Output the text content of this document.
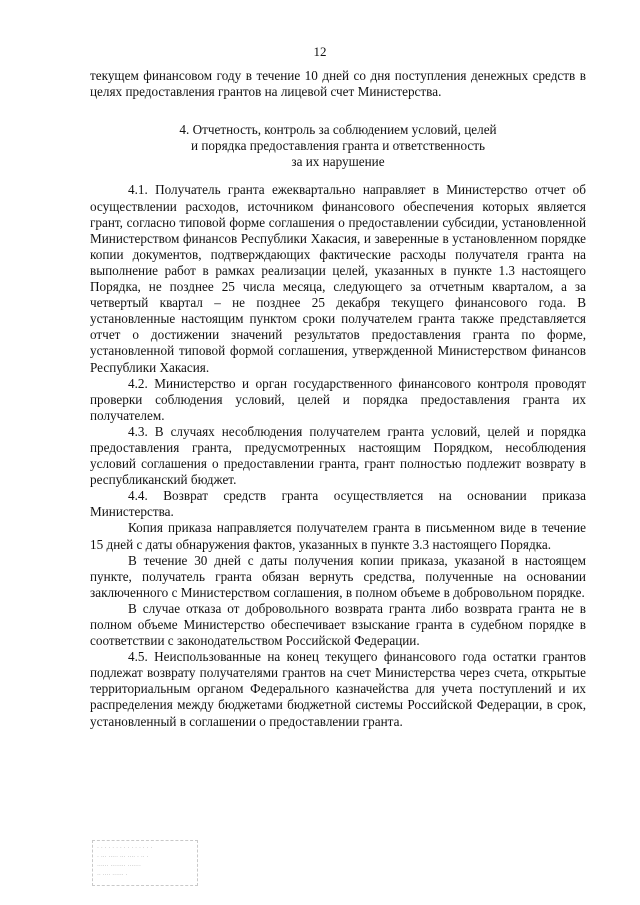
12

текущем финансовом году в течение 10 дней со дня поступления денежных средств в целях предоставления грантов на лицевой счет Министерства.

4. Отчетность, контроль за соблюдением условий, целей
и порядка предоставления гранта и ответственность
за их нарушение

4.1. Получатель гранта ежеквартально направляет в Министерство отчет об осуществлении расходов, источником финансового обеспечения которых является грант, согласно типовой форме соглашения о предоставлении субсидии, установленной Министерством финансов Республики Хакасия, и заверенные в установленном порядке копии документов, подтверждающих фактические расходы получателя гранта на выполнение работ в рамках реализации целей, указанных в пункте 1.3 настоящего Порядка, не позднее 25 числа месяца, следующего за отчетным кварталом, а за четвертый квартал – не позднее 25 декабря текущего финансового года. В установленные настоящим пунктом сроки получателем гранта также представляется отчет о достижении значений результатов предоставления гранта по форме, установленной типовой формой соглашения, утвержденной Министерством финансов Республики Хакасия.

4.2. Министерство и орган государственного финансового контроля проводят проверки соблюдения условий, целей и порядка предоставления гранта их получателем.

4.3. В случаях несоблюдения получателем гранта условий, целей и порядка предоставления гранта, предусмотренных настоящим Порядком, несоблюдения условий соглашения о предоставлении гранта, грант полностью подлежит возврату в республиканский бюджет.

4.4. Возврат средств гранта осуществляется на основании приказа Министерства.

Копия приказа направляется получателем гранта в письменном виде в течение 15 дней с даты обнаружения фактов, указанных в пункте 3.3 настоящего Порядка.

В течение 30 дней с даты получения копии приказа, указаной в настоящем пункте, получатель гранта обязан вернуть средства, полученные на основании заключенного с Министерством соглашения, в полном объеме в добровольном порядке.

В случае отказа от добровольного возврата гранта либо возврата гранта не в полном объеме Министерство обеспечивает взыскание гранта в судебном порядке в соответствии с законодательством Российской Федерации.

4.5. Неиспользованные на конец текущего финансового года остатки грантов подлежат возврату получателями грантов на счет Министерства через счета, открытые территориальным органом Федерального казначейства для учета поступлений и их распределения между бюджетами бюджетной системы Российской Федерации, в срок, установленный в соглашении о предоставлении гранта.

· · · · · · · · · · · · · · ·
· ··· ····· ··· ···· · ·· ·
······ ········ ·······
·· ···· ······ ·
